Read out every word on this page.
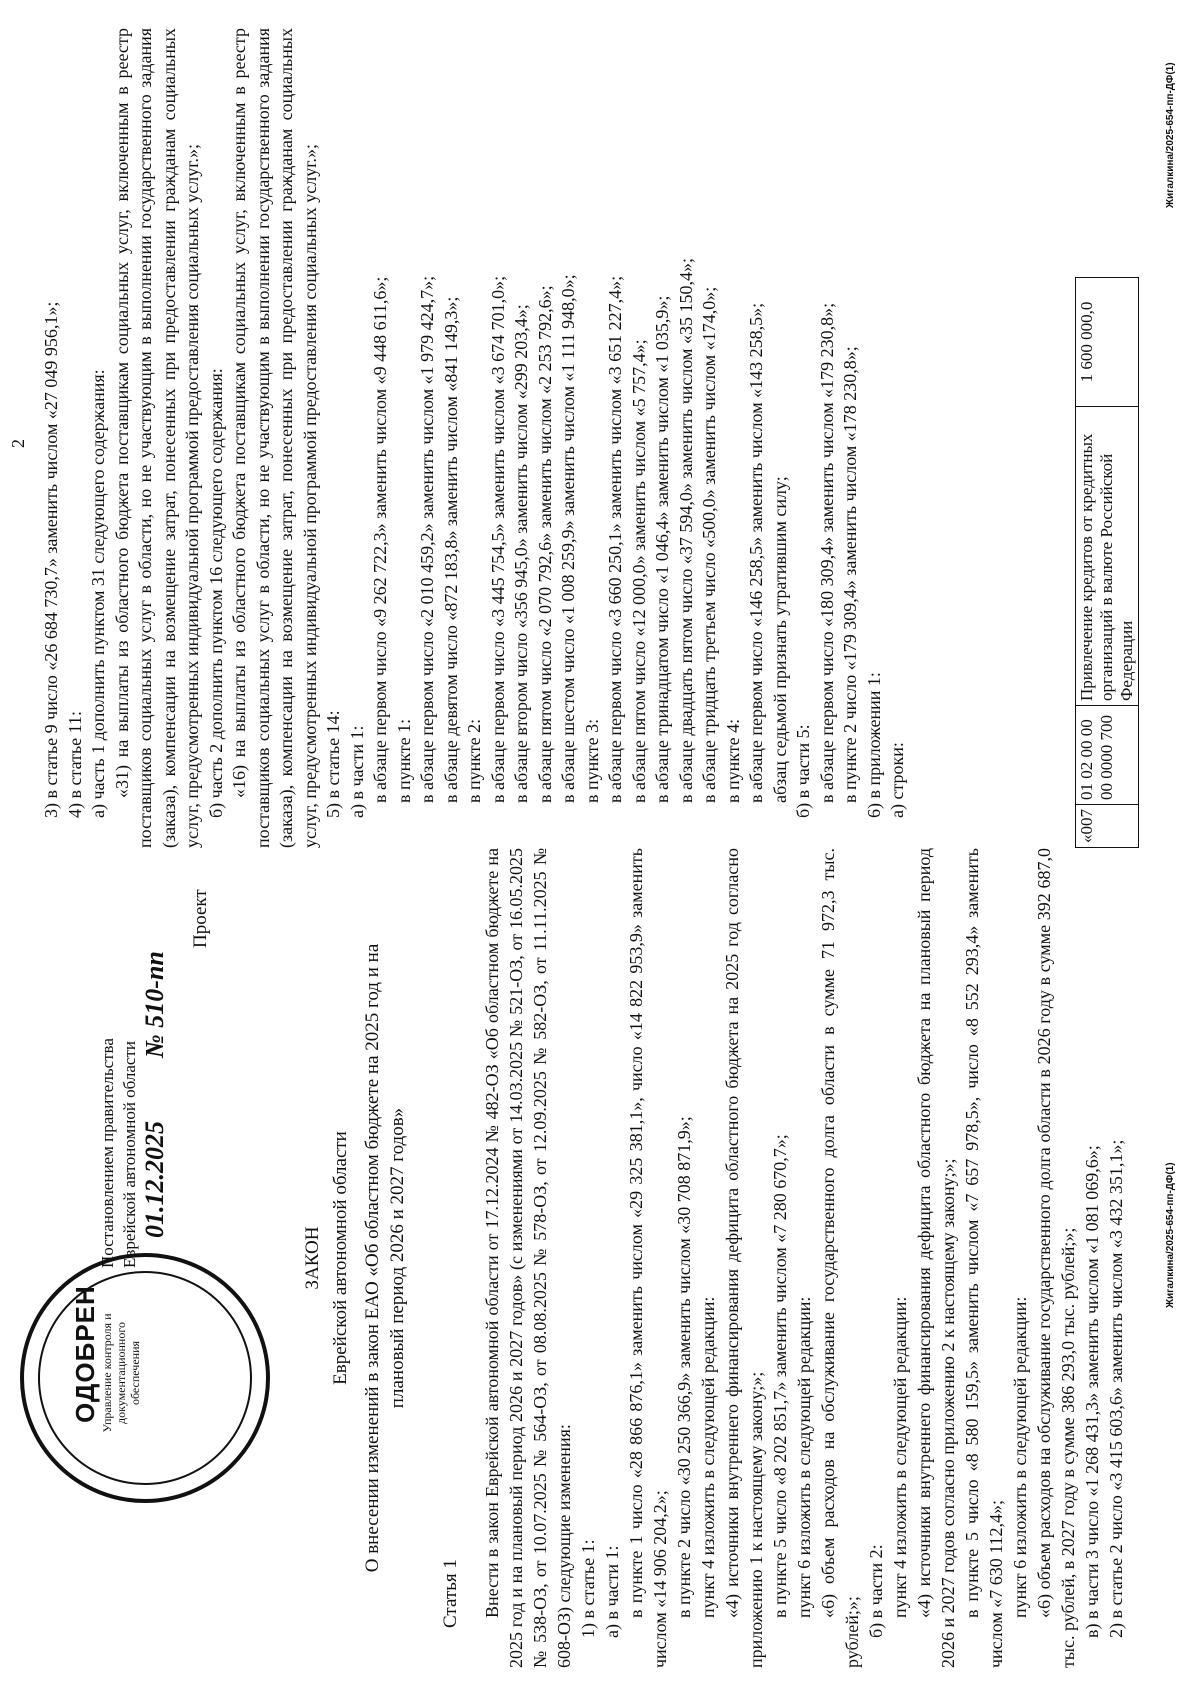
ОДОБРЕН Управление контроля и документационного обеспечения
Постановлением правительства Еврейской автономной области 01.12.2025
№ 510-пп
Проект
ЗАКОН Еврейской автономной области О внесении изменений в закон ЕАО «Об областном бюджете на 2025 год и на плановый период 2026 и 2027 годов»
Статья 1 Внести в закон Еврейской автономной области от 17.12.2024 № 482-ОЗ «Об областном бюджете на 2025 год и на плановый период 2026 и 2027 годов» (с изменениями от 14.03.2025 № 521-ОЗ, от 16.05.2025 № 538-ОЗ, от 10.07.2025 № 564-ОЗ, от 08.08.2025 № 578-ОЗ, от 12.09.2025 № 582-ОЗ, от 11.11.2025 № 608-ОЗ) следующие изменения: 1) в статье 1: а) в части 1: в пункте 1 число «28 866 876,1» заменить числом «29 325 381,1», число «14 822 953,9» заменить числом «14 906 204,2»; в пункте 2 число «30 250 366,9» заменить числом «30 708 871,9»; пункт 4 изложить в следующей редакции: «4) источники внутреннего финансирования дефицита областного бюджета на 2025 год согласно приложению 1 к настоящему закону;»; в пункте 5 число «8 202 851,7» заменить числом «7 280 670,7»; пункт 6 изложить в следующей редакции: «6) объем расходов на обслуживание государственного долга области в сумме 71 972,3 тыс. рублей;»; б) в части 2: пункт 4 изложить в следующей редакции: «4) источники внутреннего финансирования дефицита областного бюджета на плановый период 2026 и 2027 годов согласно приложению 2 к настоящему закону;»; в пункте 5 число «8 580 159,5» заменить числом «7 657 978,5», число «8 552 293,4» заменить числом «7 630 112,4»; пункт 6 изложить в следующей редакции: «6) объем расходов на обслуживание государственного долга области в 2026 году в сумме 392 687,0 тыс. рублей, в 2027 году в сумме 386 293,0 тыс. рублей;»; в) в части 3 число «1 268 431,3» заменить числом «1 081 069,6»; 2) в статье 2 число «3 415 603,6» заменить числом «3 432 351,1»;	Жигалкина/2025-654-пп-ДФ(1)
2 3) в статье 9 число «26 684 730,7» заменить числом «27 049 956,1»; 4) в статье 11: а) часть 1 дополнить пунктом 31 следующего содержания: «31) на выплаты из областного бюджета поставщикам социальных услуг, включенным в реестр поставщиков социальных услуг в области, но не участвующим в выполнении государственного задания (заказа), компенсации на возмещение затрат, понесенных при предоставлении гражданам социальных услуг, предусмотренных индивидуальной программой предоставления социальных услуг.»; б) часть 2 дополнить пунктом 16 следующего содержания: «16) на выплаты из областного бюджета поставщикам социальных услуг, включенным в реестр поставщиков социальных услуг в области, но не участвующим в выполнении государственного задания (заказа), компенсации на возмещение затрат, понесенных при предоставлении гражданам социальных услуг, предусмотренных индивидуальной программой предоставления социальных услуг.»; 5) в статье 14: а) в части 1: в абзаце первом число «9 262 722,3» заменить числом «9 448 611,6»; в пункте 1: в абзаце первом число «2 010 459,2» заменить числом «1 979 424,7»; в абзаце девятом число «872 183,8» заменить числом «841 149,3»; в пункте 2: в абзаце первом число «3 445 754,5» заменить числом «3 674 701,0»; в абзаце втором число «356 945,0» заменить числом «299 203,4»; в абзаце пятом число «2 070 792,6» заменить числом «2 253 792,6»; в абзаце шестом число «1 008 259,9» заменить числом «1 111 948,0»; в пункте 3: в абзаце первом число «3 660 250,1» заменить числом «3 651 227,4»; в абзаце пятом число «12 000,0» заменить числом «5 757,4»; в абзаце тринадцатом число «1 046,4» заменить числом «1 035,9»; в абзаце двадцать пятом число «37 594,0» заменить числом «35 150,4»; в абзаце тридцать третьем число «500,0» заменить числом «174,0»; в пункте 4: в абзаце первом число «146 258,5» заменить числом «143 258,5»; абзац седьмой признать утратившим силу; б) в части 5: в абзаце первом число «180 309,4» заменить числом «179 230,8»; в пункте 2 число «179 309,4» заменить числом «178 230,8»; 6) в приложении 1: а) строки:

«007	01 02 00 00 00 0000 700	Привлечение кредитов от кредитных организаций в валюте Российской Федерации	1 600 000,0
Жигалкина/2025-654-пп-ДФ(1)
